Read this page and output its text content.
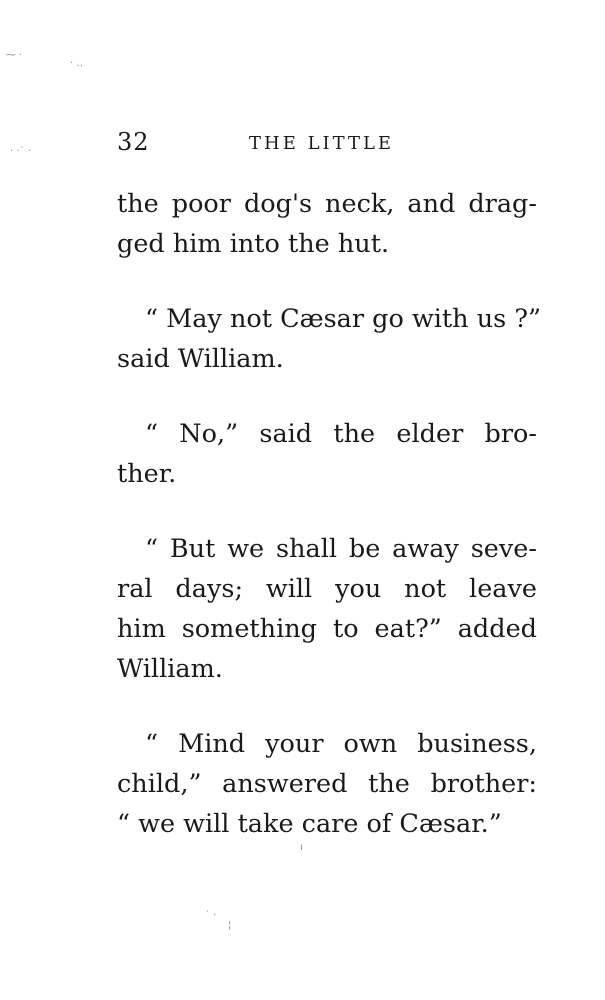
⁓ ·
· ‥
· ·˙ ·
˙ ·
¦
ı
32	THE LITTLE
the poor dog's neck, and drag-
ged him into the hut.
“ May not Cæsar go with us ?”
said William.
“ No,” said the elder bro-
ther.
“ But we shall be away seve-
ral days; will you not leave
him something to eat?” added
William.
“ Mind your own business,
child,” answered the brother:
“ we will take care of Cæsar.”
